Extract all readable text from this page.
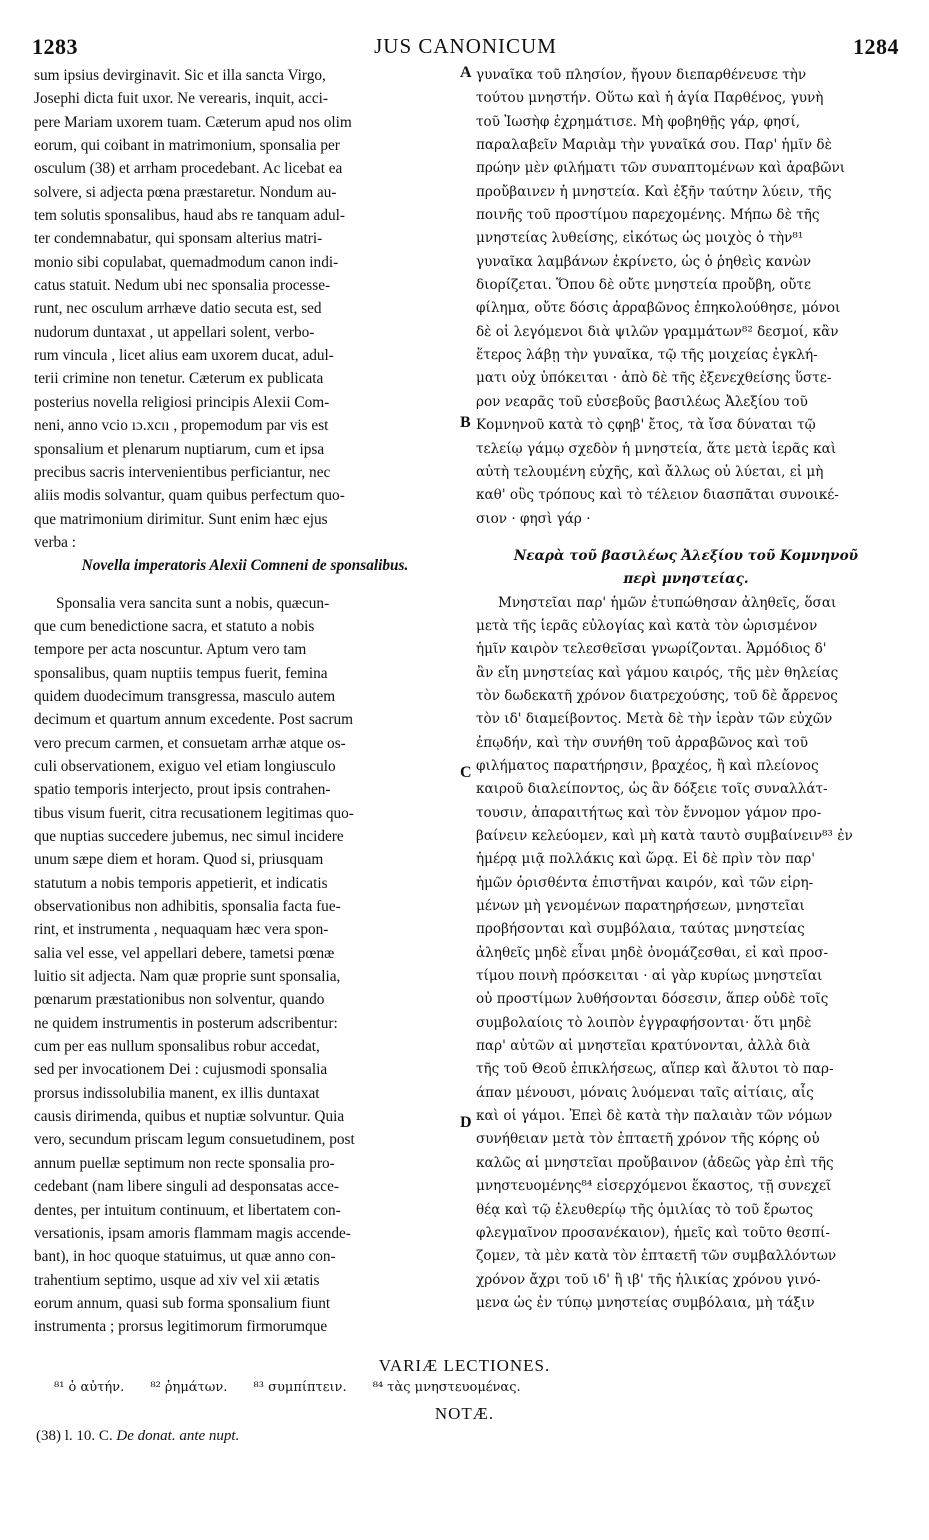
1283	JUS CANONICUM	1284
sum ipsius devirginavit. Sic et illa sancta Virgo,
Josephi dicta fuit uxor. Ne verearis, inquit, acci-
pere Mariam uxorem tuam. Cæterum apud nos olim
eorum, qui coibant in matrimonium, sponsalia per
osculum (38) et arrham procedebant. Ac licebat ea
solvere, si adjecta pœna præstaretur. Nondum au-
tem solutis sponsalibus, haud abs re tanquam adul-
ter condemnabatur, qui sponsam alterius matri-
monio sibi copulabat, quemadmodum canon indi-
catus statuit. Nedum ubi nec sponsalia processe-
runt, nec osculum arrhæve datio secuta est, sed
nudorum duntaxat , ut appellari solent, verbo-
rum vincula , licet alius eam uxorem ducat, adul-
terii crimine non tenetur. Cæterum ex publicata
posterius novella religiosi principis Alexii Com-
neni, anno vcio ıɔ.xcıı , propemodum par vis est
sponsalium et plenarum nuptiarum, cum et ipsa
precibus sacris intervenientibus perficiantur, nec
aliis modis solvantur, quam quibus perfectum quo-
que matrimonium dirimitur. Sunt enim hæc ejus
verba :
Novella imperatoris Alexii Comneni de sponsalibus.
Sponsalia vera sancita sunt a nobis, quæcun-
que cum benedictione sacra, et statuto a nobis
tempore per acta noscuntur. Aptum vero tam
sponsalibus, quam nuptiis tempus fuerit, femina
quidem duodecimum transgressa, masculo autem
decimum et quartum annum excedente. Post sacrum
vero precum carmen, et consuetam arrhæ atque os-
culi observationem, exiguo vel etiam longiusculo
spatio temporis interjecto, prout ipsis contrahen-
tibus visum fuerit, citra recusationem legitimas quo-
que nuptias succedere jubemus, nec simul incidere
unum sæpe diem et horam. Quod si, priusquam
statutum a nobis temporis appetierit, et indicatis
observationibus non adhibitis, sponsalia facta fue-
rint, et instrumenta , nequaquam hæc vera spon-
salia vel esse, vel appellari debere, tametsi pœnæ
luitio sit adjecta. Nam quæ proprie sunt sponsalia,
pœnarum præstationibus non solventur, quando
ne quidem instrumentis in posterum adscribentur:
cum per eas nullum sponsalibus robur accedat,
sed per invocationem Dei : cujusmodi sponsalia
prorsus indissolubilia manent, ex illis duntaxat
causis dirimenda, quibus et nuptiæ solvuntur. Quia
vero, secundum priscam legum consuetudinem, post
annum puellæ septimum non recte sponsalia pro-
cedebant (nam libere singuli ad desponsatas acce-
dentes, per intuitum continuum, et libertatem con-
versationis, ipsam amoris flammam magis accende-
bant), in hoc quoque statuimus, ut quæ anno con-
trahentium septimo, usque ad xiv vel xii ætatis
eorum annum, quasi sub forma sponsalium fiunt
instrumenta ; prorsus legitimorum firmorumque
A
B
C
D
γυναῖκα τοῦ πλησίον, ἤγουν διεπαρθένευσε τὴν
τούτου μνηστήν. Οὕτω καὶ ἡ ἁγία Παρθένος, γυνὴ
τοῦ Ἰωσὴφ ἐχρημάτισε. Μὴ φοβηθῇς γάρ, φησί,
παραλαβεῖν Μαριὰμ τὴν γυναῖκά σου. Παρ' ἡμῖν δὲ
πρώην μὲν φιλήματι τῶν συναπτομένων καὶ ἀραβῶνι
προὔβαινεν ἡ μνηστεία. Καὶ ἐξῆν ταύτην λύειν, τῆς
ποινῆς τοῦ προστίμου παρεχομένης. Μήπω δὲ τῆς
μνηστείας λυθείσης, εἰκότως ὡς μοιχὸς ὁ τὴν⁸¹
γυναῖκα λαμβάνων ἐκρίνετο, ὡς ὁ ῥηθεὶς κανὼν
διορίζεται. Ὅπου δὲ οὔτε μνηστεία προὔβη, οὔτε
φίλημα, οὔτε δόσις ἀρραβῶνος ἐπηκολούθησε, μόνοι
δὲ οἱ λεγόμενοι διὰ ψιλῶν γραμμάτων⁸² δεσμοί, κἂν
ἕτερος λάβῃ τὴν γυναῖκα, τῷ τῆς μοιχείας ἐγκλή-
ματι οὐχ ὑπόκειται · ἀπὸ δὲ τῆς ἐξενεχθείσης ὕστε-
ρον νεαρᾶς τοῦ εὐσεβοῦς βασιλέως Ἀλεξίου τοῦ
Κομνηνοῦ κατὰ τὸ ςφηβ' ἔτος, τὰ ἴσα δύναται τῷ
τελείῳ γάμῳ σχεδὸν ἡ μνηστεία, ἅτε μετὰ ἱερᾶς καὶ
αὐτὴ τελουμένη εὐχῆς, καὶ ἄλλως οὐ λύεται, εἰ μὴ
καθ' οὓς τρόπους καὶ τὸ τέλειον διασπᾶται συνοικέ-
σιον · φησὶ γάρ ·
Νεαρὰ τοῦ βασιλέως Ἀλεξίου τοῦ Κομνηνοῦ
περὶ μνηστείας.
Μνηστεῖαι παρ' ἡμῶν ἐτυπώθησαν ἀληθεῖς, ὅσαι
μετὰ τῆς ἱερᾶς εὐλογίας καὶ κατὰ τὸν ὡρισμένον
ἡμῖν καιρὸν τελεσθεῖσαι γνωρίζονται. Ἁρμόδιος δ'
ἂν εἴη μνηστείας καὶ γάμου καιρός, τῆς μὲν θηλείας
τὸν δωδεκατῆ χρόνον διατρεχούσης, τοῦ δὲ ἄρρενος
τὸν ιδ' διαμείβοντος. Μετὰ δὲ τὴν ἱερὰν τῶν εὐχῶν
ἐπῳδήν, καὶ τὴν συνήθη τοῦ ἀρραβῶνος καὶ τοῦ
φιλήματος παρατήρησιν, βραχέος, ἢ καὶ πλείονος
καιροῦ διαλείποντος, ὡς ἂν δόξειε τοῖς συναλλάτ-
τουσιν, ἀπαραιτήτως καὶ τὸν ἔννομον γάμον προ-
βαίνειν κελεύομεν, καὶ μὴ κατὰ ταυτὸ συμβαίνειν⁸³ ἐν
ἡμέρᾳ μιᾷ πολλάκις καὶ ὥρᾳ. Εἰ δὲ πρὶν τὸν παρ'
ἡμῶν ὁρισθέντα ἐπιστῆναι καιρόν, καὶ τῶν εἰρη-
μένων μὴ γενομένων παρατηρήσεων, μνηστεῖαι
προβήσονται καὶ συμβόλαια, ταύτας μνηστείας
ἀληθεῖς μηδὲ εἶναι μηδὲ ὀνομάζεσθαι, εἰ καὶ προσ-
τίμου ποινὴ πρόσκειται · αἱ γὰρ κυρίως μνηστεῖαι
οὐ προστίμων λυθήσονται δόσεσιν, ἅπερ οὐδὲ τοῖς
συμβολαίοις τὸ λοιπὸν ἐγγραφήσονται· ὅτι μηδὲ
παρ' αὐτῶν αἱ μνηστεῖαι κρατύνονται, ἀλλὰ διὰ
τῆς τοῦ Θεοῦ ἐπικλήσεως, αἵπερ καὶ ἄλυτοι τὸ παρ-
άπαν μένουσι, μόναις λυόμεναι ταῖς αἰτίαις, αἷς
καὶ οἱ γάμοι. Ἐπεὶ δὲ κατὰ τὴν παλαιὰν τῶν νόμων
συνήθειαν μετὰ τὸν ἑπταετῆ χρόνον τῆς κόρης οὐ
καλῶς αἱ μνηστεῖαι προὔβαινον (ἀδεῶς γὰρ ἐπὶ τῆς
μνηστευομένης⁸⁴ εἰσερχόμενοι ἕκαστος, τῇ συνεχεῖ
θέᾳ καὶ τῷ ἐλευθερίῳ τῆς ὁμιλίας τὸ τοῦ ἔρωτος
φλεγμαῖνον προσανέκαιον), ἡμεῖς καὶ τοῦτο θεσπί-
ζομεν, τὰ μὲν κατὰ τὸν ἑπταετῆ τῶν συμβαλλόντων
χρόνον ἄχρι τοῦ ιδ' ἢ ιβ' τῆς ἡλικίας χρόνου γινό-
μενα ὡς ἐν τύπῳ μνηστείας συμβόλαια, μὴ τάξιν
VARIÆ LECTIONES.
⁸¹ ὁ αὐτήν. ⁸² ῥημάτων. ⁸³ συμπίπτειν. ⁸⁴ τὰς μνηστευομένας.
NOTÆ.
(38) l. 10. C. De donat. ante nupt.
